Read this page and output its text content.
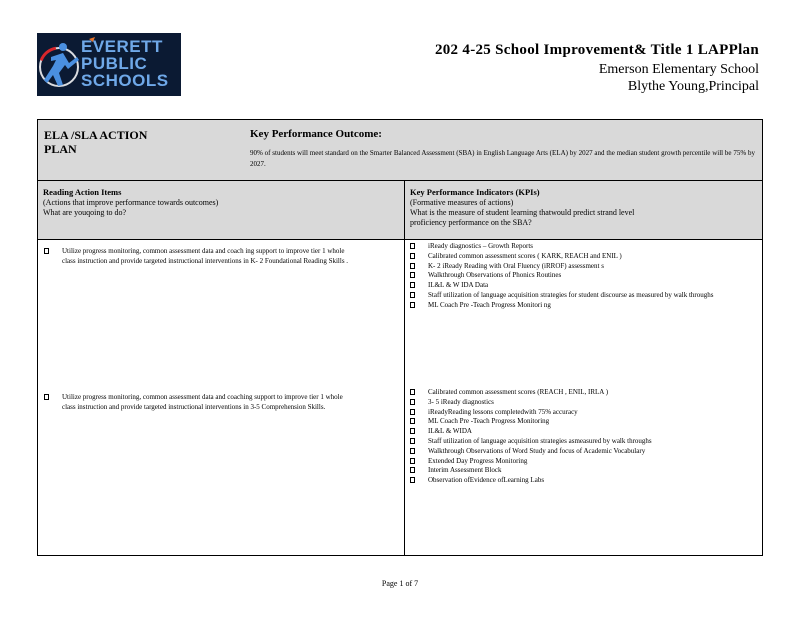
EVERETT
PUBLIC
SCHOOLS
202 4-25 School Improvement& Title 1 LAPPlan
Emerson Elementary School
Blythe Young,Principal
ELA /SLA ACTION
PLAN
Key Performance Outcome:
90% of students will meet standard on the Smarter Balanced Assessment (SBA) in English Language Arts (ELA) by 2027 and the median student growth percentile will be 75% by 2027.
Reading Action Items
(Actions that improve performance towards outcomes)
What are youqoing to do?
Key Performance Indicators (KPIs)
(Formative measures of actions)
What is the measure of student learning thatwould predict strand level
proficiency performance on the SBA?
Utilize progress monitoring, common assessment data and coach ing support to improve tier 1 whole class instruction and provide targeted instructional interventions in K- 2 Foundational Reading Skills .
Utilize progress monitoring, common assessment data and coaching support to improve tier 1 whole class instruction and provide targeted instructional interventions in 3-5 Comprehension Skills.
iReady diagnostics – Growth Reports
Calibrated common assessment scores ( KARK, REACH and ENIL )
K- 2 iReady Reading with Oral Fluency (iRROF) assessment s
Walkthrough Observations of Phonics Routines
IL&L & W IDA Data
Staff utilization of language acquisition strategies for student discourse as measured by walk throughs
ML Coach Pre -Teach Progress Monitori ng
Calibrated common assessment scores (REACH , ENIL, IRLA )
3- 5 iReady diagnostics
iReadyReading lessons completedwith 75% accuracy
ML Coach Pre -Teach Progress Monitoring
IL&L & WIDA
Staff utilization of language acquisition strategies asmeasured by walk throughs
Walkthrough Observations of Word Study and focus of Academic Vocabulary
Extended Day Progress Monitoring
Interim Assessment Block
Observation ofEvidence ofLearning Labs
Page 1 of 7
